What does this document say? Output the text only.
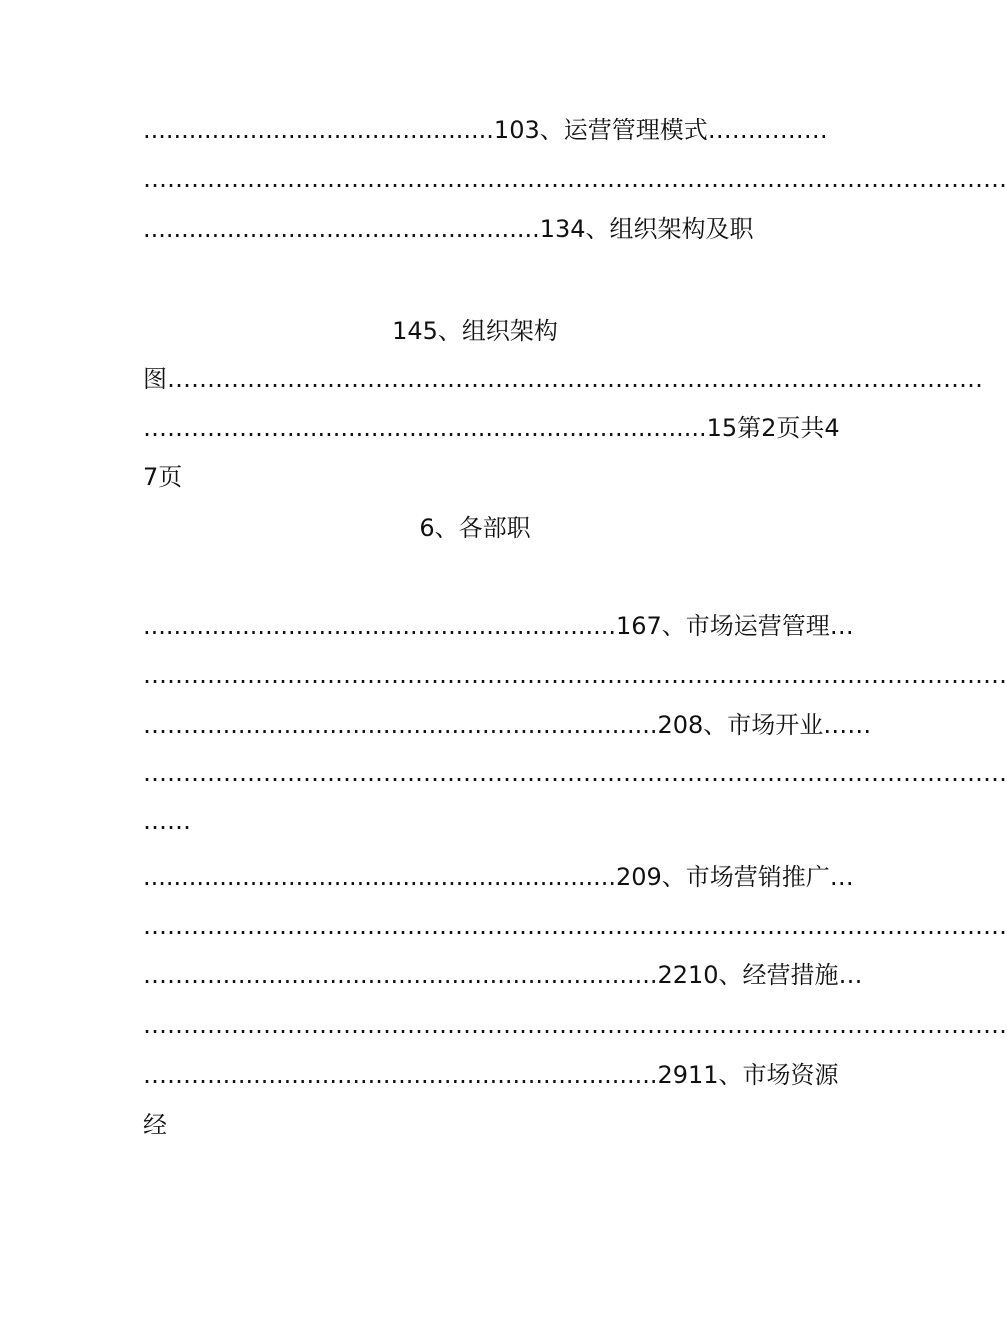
..............................................103、运营管理模式……………
………………………………………………………………………………………………
....................................................134、组织架构及职
145、组织架构
图…………………………………………………………………………………………
……………….......................................................15第2页共4
7页
6、各部职
..............................................................167、市场运营管理…
………………………………………………………………………………………………
………..........................................................208、市场开业……
………………………………………………………………………………………………
……
..............................................................209、市场营销推广…
………………………………………………………………………………………………
………..........................................................2210、经营措施…
………………………………………………………………………………………………
………..........................................................2911、市场资源
经
